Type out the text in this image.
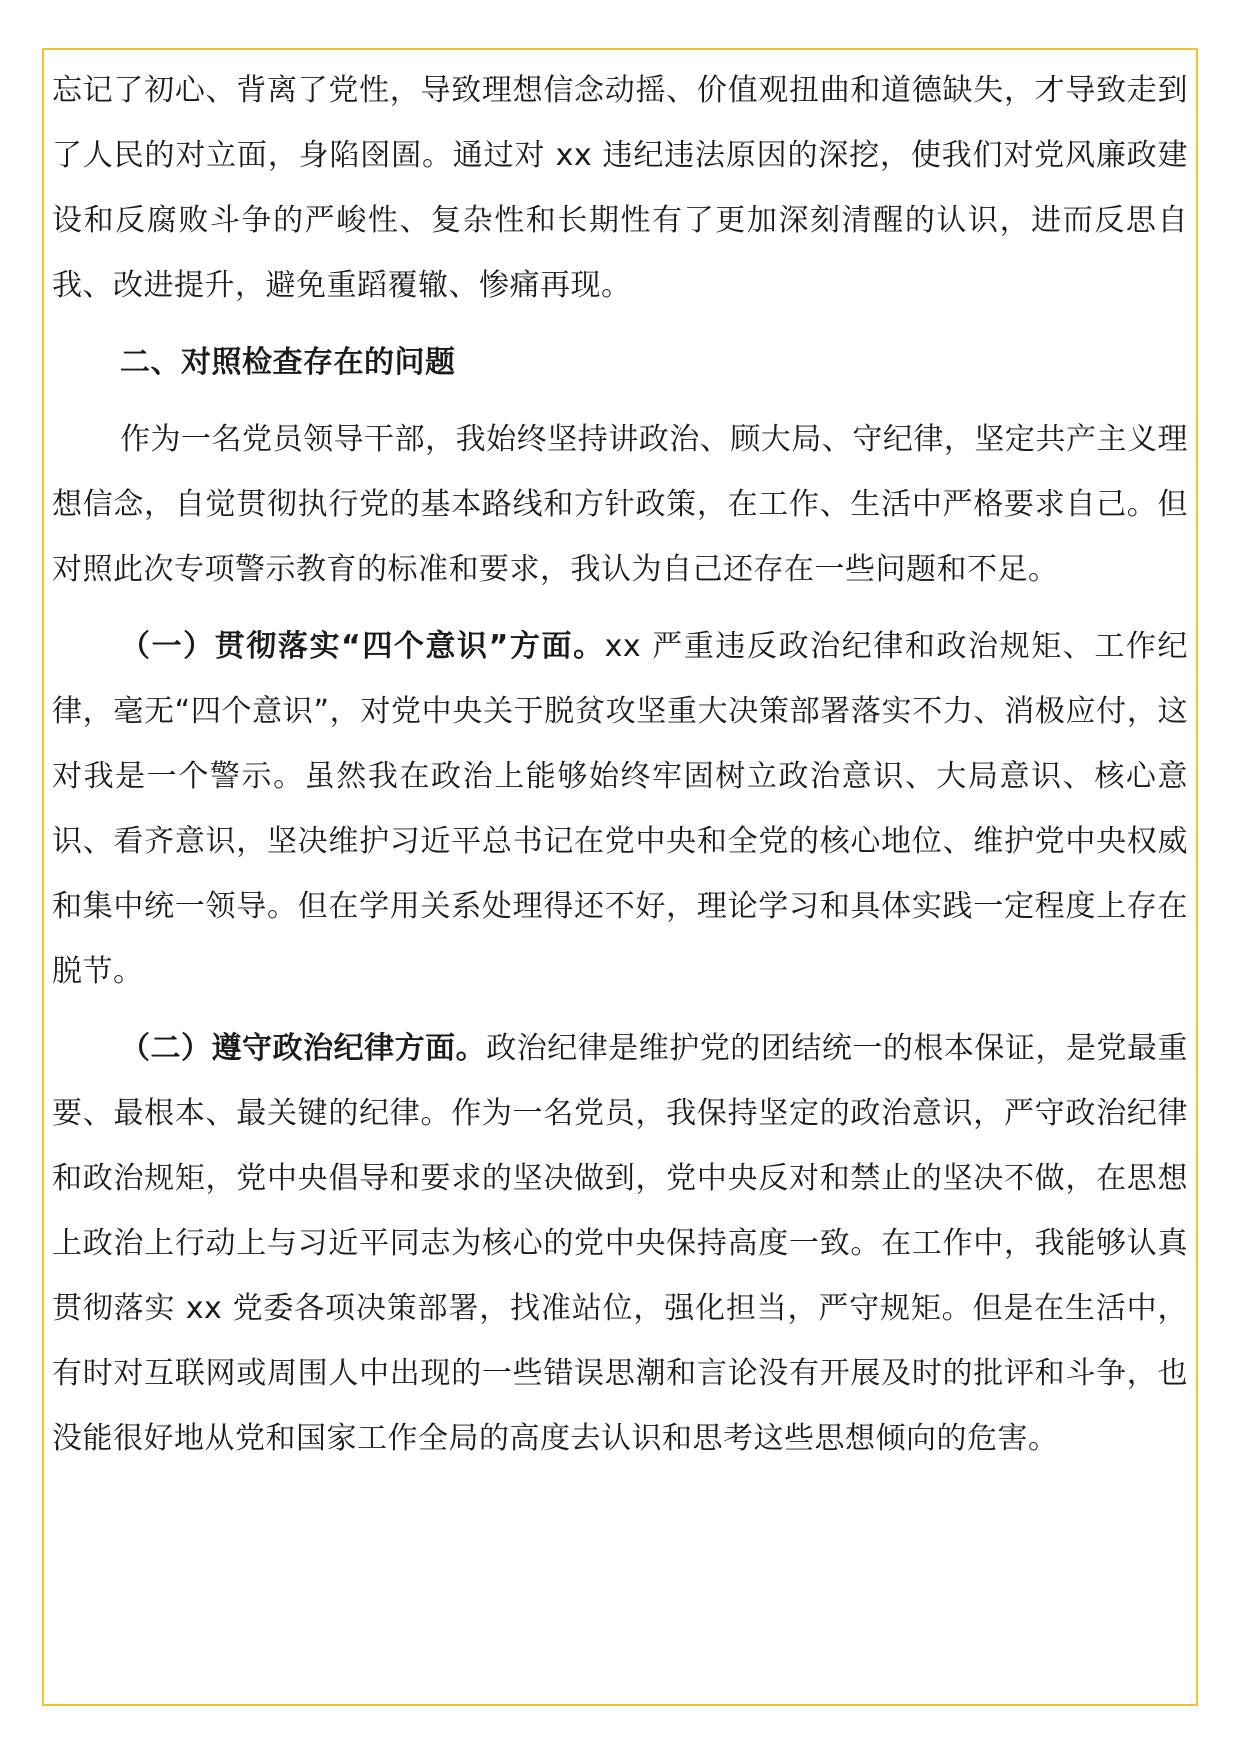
忘记了初心、背离了党性，导致理想信念动摇、价值观扭曲和道德缺失，才导致走到了人民的对立面，身陷囹圄。通过对 xx 违纪违法原因的深挖，使我们对党风廉政建设和反腐败斗争的严峻性、复杂性和长期性有了更加深刻清醒的认识，进而反思自我、改进提升，避免重蹈覆辙、惨痛再现。

二、对照检查存在的问题

作为一名党员领导干部，我始终坚持讲政治、顾大局、守纪律，坚定共产主义理想信念，自觉贯彻执行党的基本路线和方针政策，在工作、生活中严格要求自己。但对照此次专项警示教育的标准和要求，我认为自己还存在一些问题和不足。

（一）贯彻落实“四个意识”方面。xx 严重违反政治纪律和政治规矩、工作纪律，毫无“四个意识”，对党中央关于脱贫攻坚重大决策部署落实不力、消极应付，这对我是一个警示。虽然我在政治上能够始终牢固树立政治意识、大局意识、核心意识、看齐意识，坚决维护习近平总书记在党中央和全党的核心地位、维护党中央权威和集中统一领导。但在学用关系处理得还不好，理论学习和具体实践一定程度上存在脱节。

（二）遵守政治纪律方面。政治纪律是维护党的团结统一的根本保证，是党最重要、最根本、最关键的纪律。作为一名党员，我保持坚定的政治意识，严守政治纪律和政治规矩，党中央倡导和要求的坚决做到，党中央反对和禁止的坚决不做，在思想上政治上行动上与习近平同志为核心的党中央保持高度一致。在工作中，我能够认真贯彻落实 xx 党委各项决策部署，找准站位，强化担当，严守规矩。但是在生活中，有时对互联网或周围人中出现的一些错误思潮和言论没有开展及时的批评和斗争，也没能很好地从党和国家工作全局的高度去认识和思考这些思想倾向的危害。
